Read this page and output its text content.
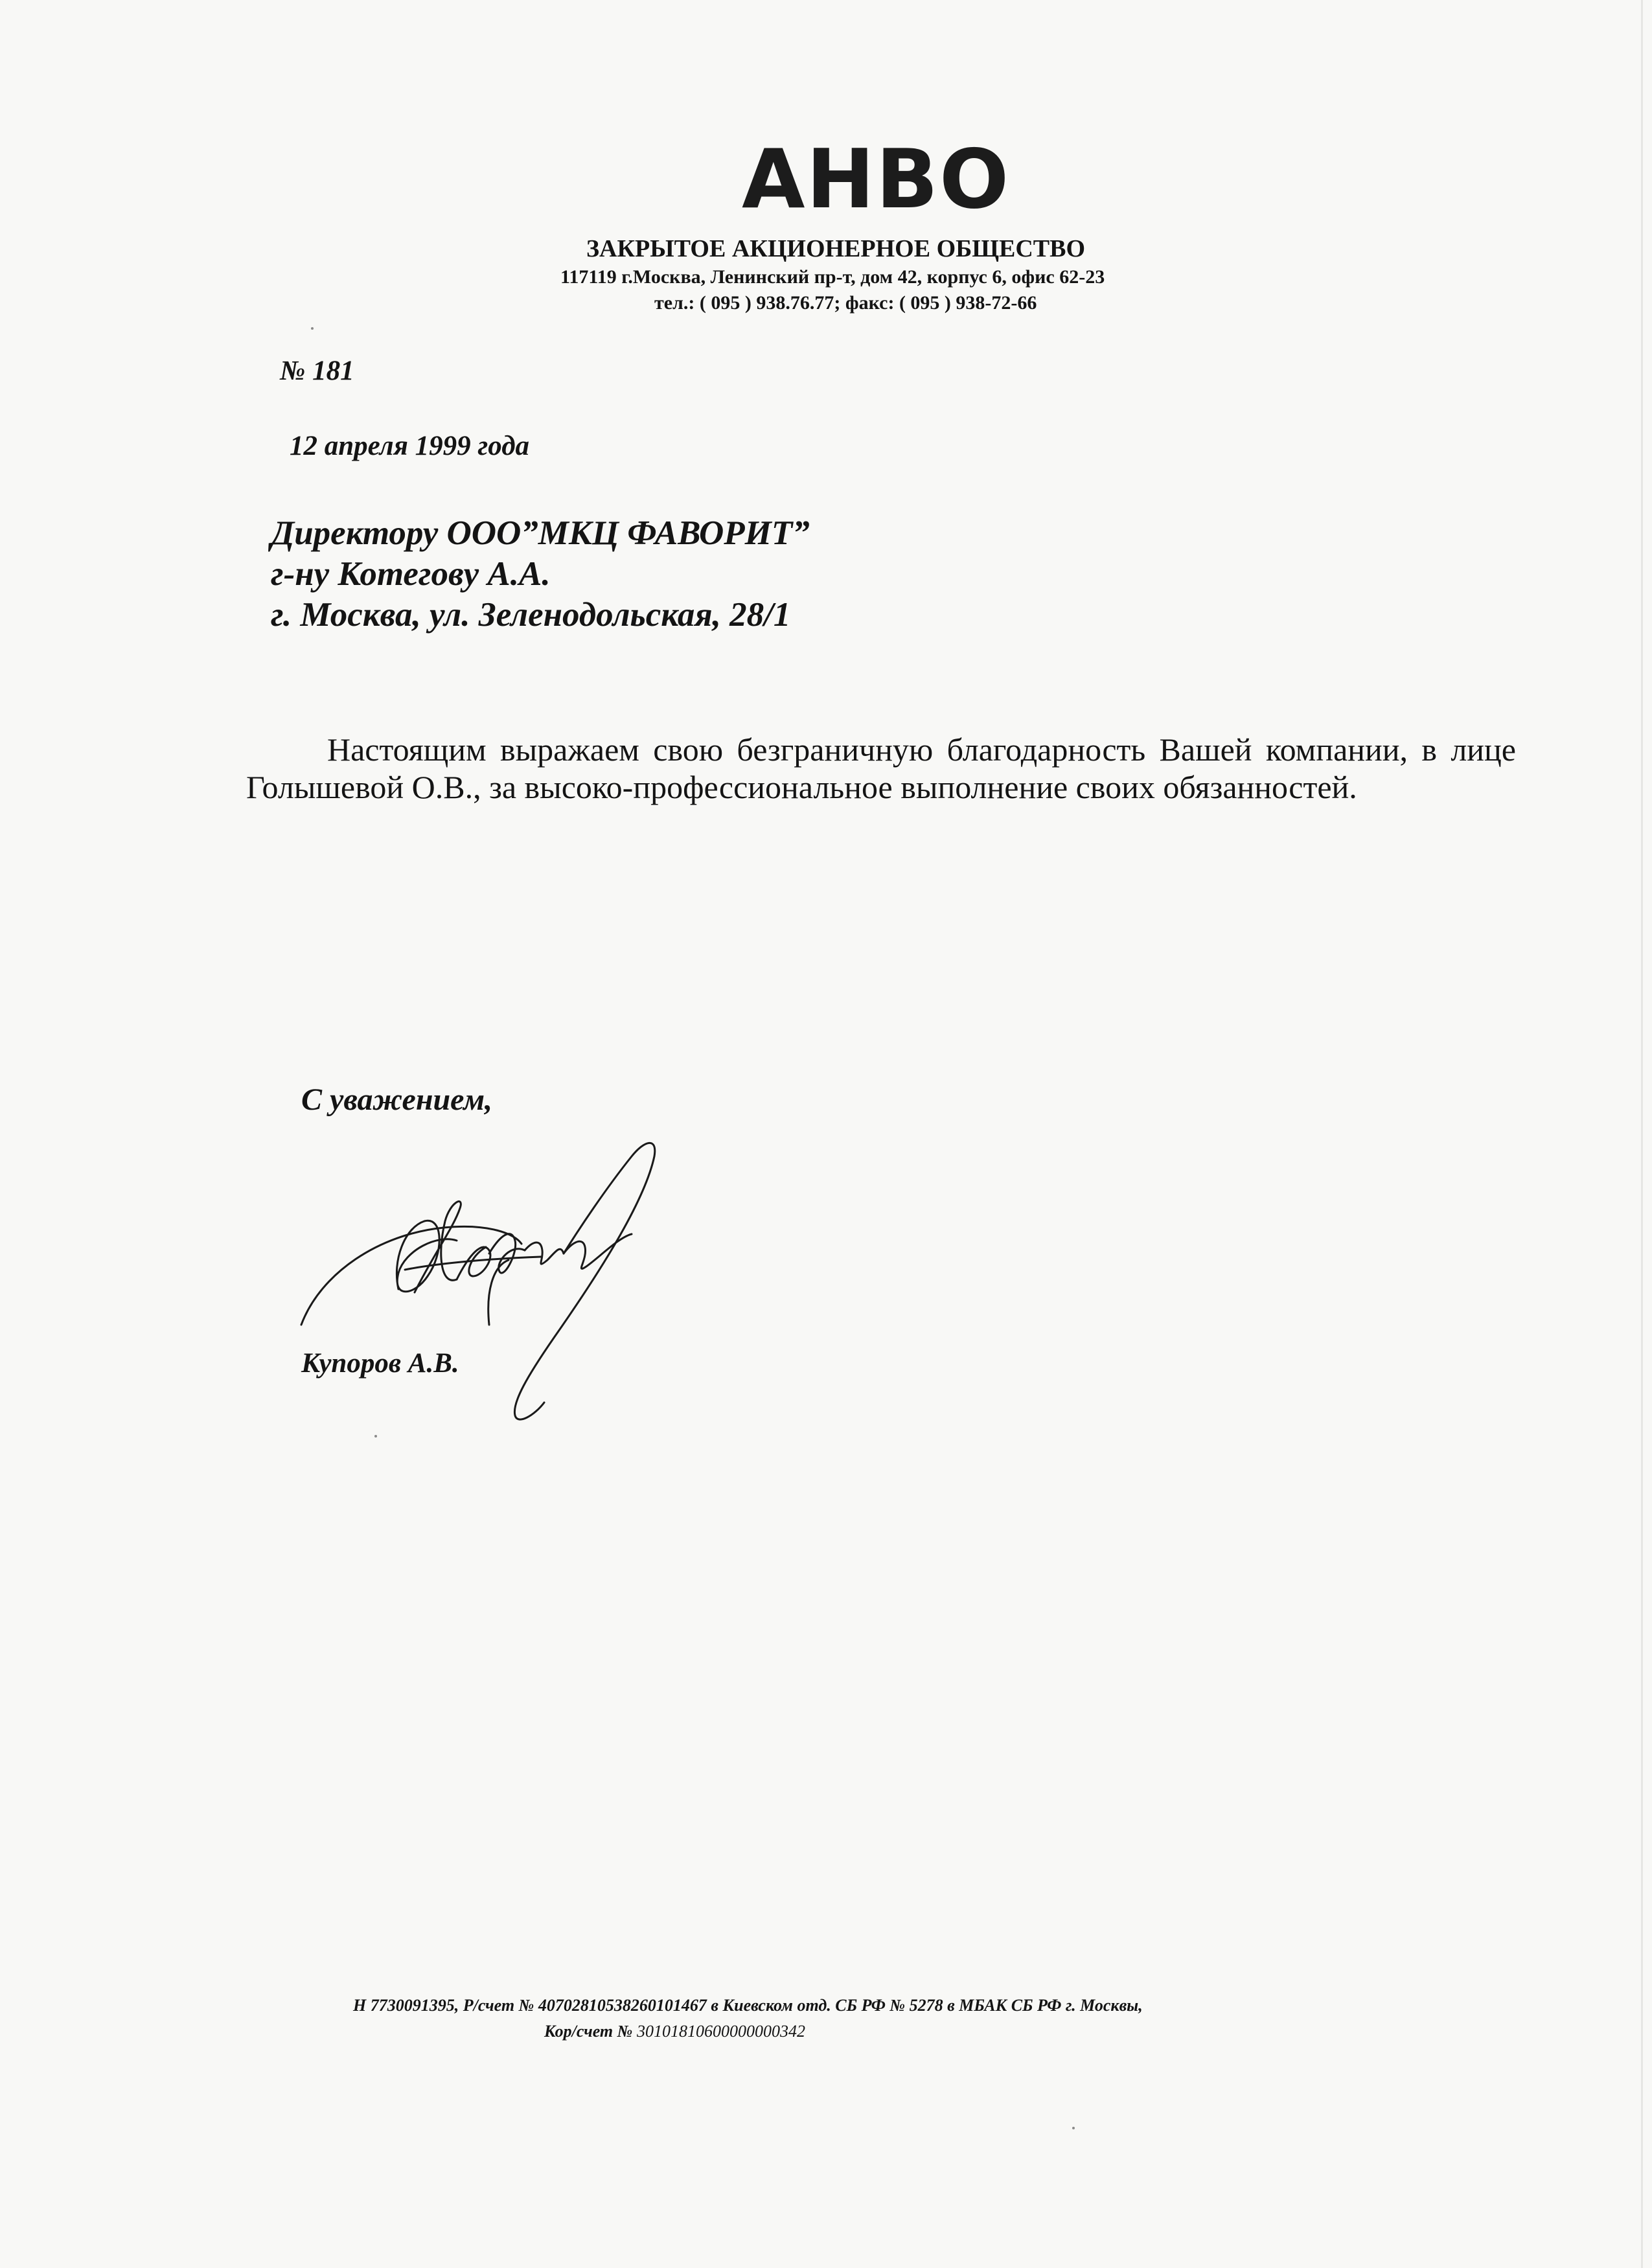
АНВО
ЗАКРЫТОЕ АКЦИОНЕРНОЕ ОБЩЕСТВО
117119 г.Москва, Ленинский пр-т, дом 42, корпус 6, офис 62-23
тел.: ( 095 ) 938.76.77; факс: ( 095 ) 938-72-66
№ 181
12 апреля 1999 года
Директору ООО”МКЦ ФАВОРИТ”
г-ну Котегову А.А.
г. Москва, ул. Зеленодольская, 28/1

Настоящим выражаем свою безграничную благодарность Вашей компании, в лице Голышевой О.В., за высоко-профессиональное выполнение своих обязанностей.

С уважением,
Купоров А.В.
Н 7730091395, Р/счет № 40702810538260101467 в Киевском отд. СБ РФ № 5278 в МБАК СБ РФ г. Москвы,
Кор/счет № 30101810600000000342
